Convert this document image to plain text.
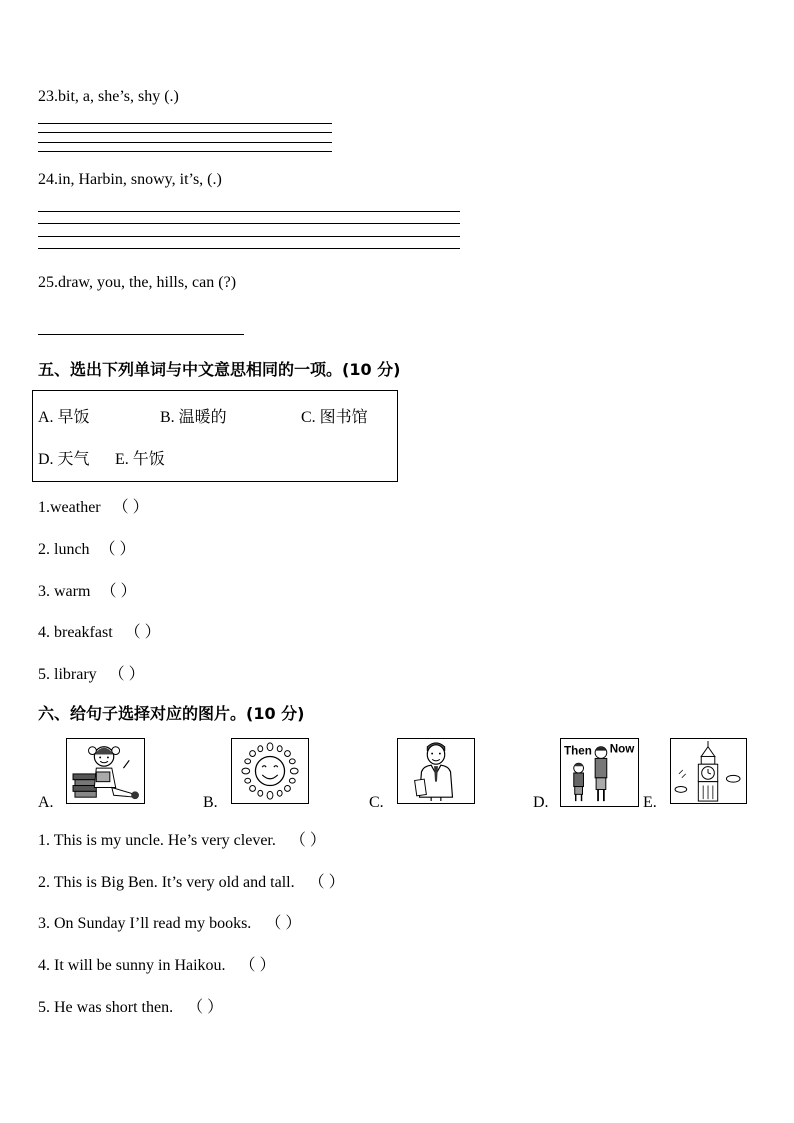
23.bit, a, she’s, shy (.)
24.in, Harbin, snowy, it’s, (.)
25.draw, you, the, hills, can (?)
五、选出下列单词与中文意思相同的一项。(10 分)
A. 早饭	B. 温暖的	C. 图书馆
D. 天气 E. 午饭
1.weather （ ）
2. lunch （ ）
3. warm （ ）
4. breakfast （ ）
5. library （ ）
六、给句子选择对应的图片。(10 分)
A.	B.	C.	D.
Then Now
E.
1. This is my uncle. He’s very clever. （ ）
2. This is Big Ben. It’s very old and tall. （ ）
3. On Sunday I’ll read my books. （ ）
4. It will be sunny in Haikou. （ ）
5. He was short then. （ ）
